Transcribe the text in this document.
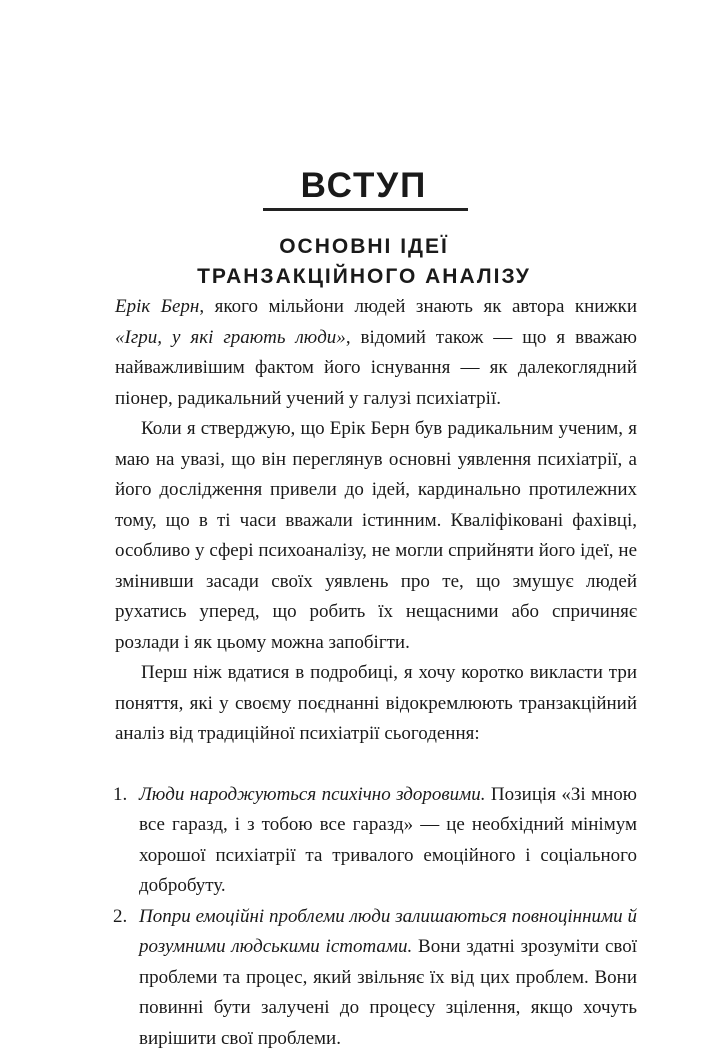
ВСТУП
ОСНОВНІ ІДЕЇ
ТРАНЗАКЦІЙНОГО АНАЛІЗУ

Ерік Берн, якого мільйони людей знають як автора книжки «Ігри, у які грають люди», відомий також — що я вважаю найважливішим фактом його існування — як далекоглядний піонер, радикальний учений у галузі психіатрії.

Коли я стверджую, що Ерік Берн був радикальним ученим, я маю на увазі, що він переглянув основні уявлення психіатрії, а його дослідження привели до ідей, кардинально протилежних тому, що в ті часи вважали істинним. Кваліфіковані фахівці, особливо у сфері психоаналізу, не могли сприйняти його ідеї, не змінивши засади своїх уявлень про те, що змушує людей рухатись уперед, що робить їх нещасними або спричиняє розлади і як цьому можна запобігти.

Перш ніж вдатися в подробиці, я хочу коротко викласти три поняття, які у своєму поєднанні відокремлюють транзакційний аналіз від традиційної психіатрії сьогодення:

1. Люди народжуються психічно здоровими. Позиція «Зі мною все гаразд, і з тобою все гаразд» — це необхідний мінімум хорошої психіатрії та тривалого емоційного і соціального добробуту.
2. Попри емоційні проблеми люди залишаються повноцінними й розумними людськими істотами. Вони здатні зрозуміти свої проблеми та процес, який звільняє їх від цих проблем. Вони повинні бути залучені до процесу зцілення, якщо хочуть вирішити свої проблеми.
